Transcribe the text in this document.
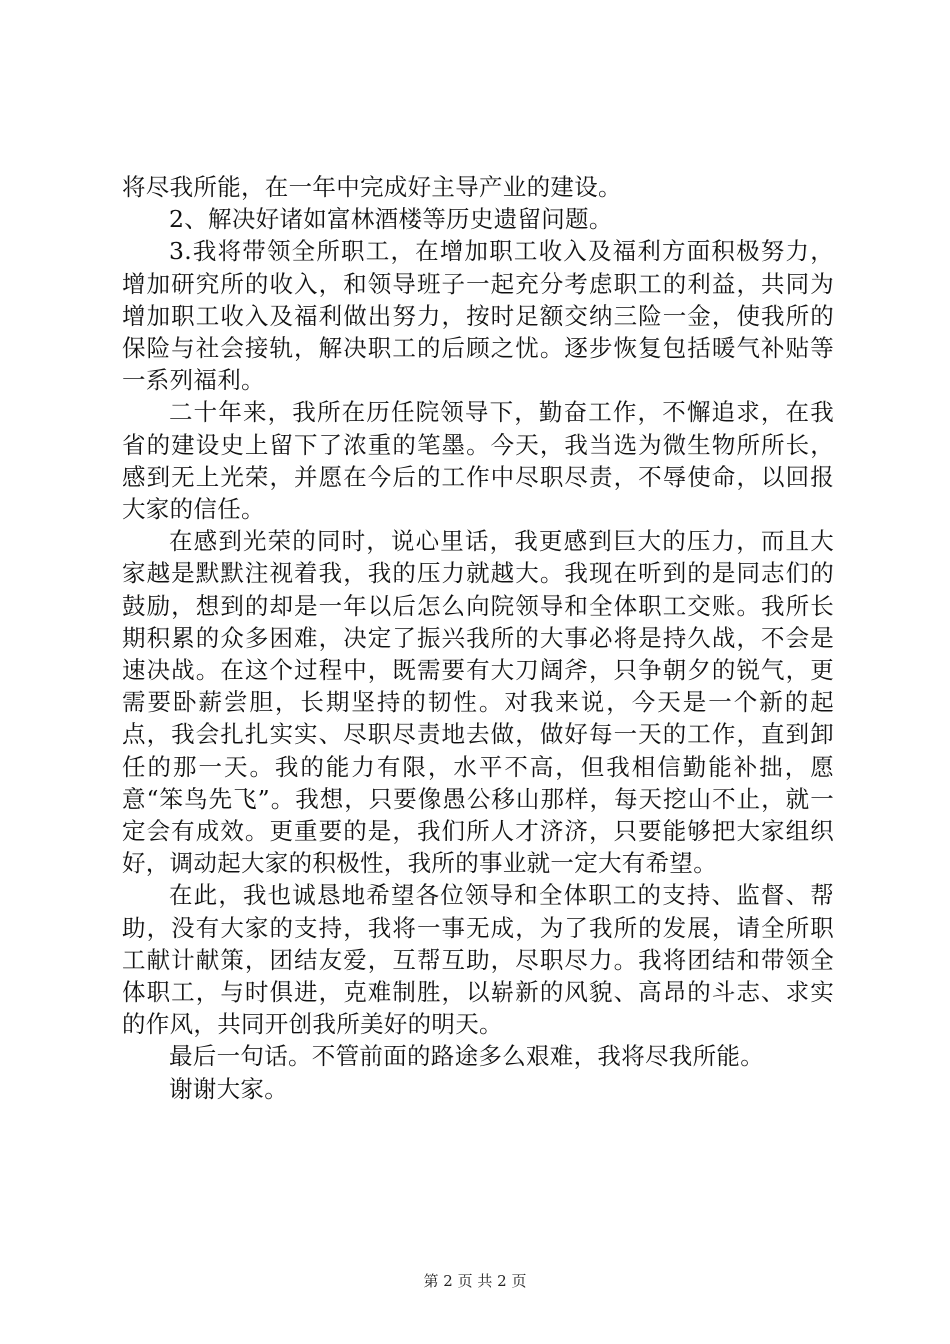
将尽我所能，在一年中完成好主导产业的建设。

2、解决好诸如富林酒楼等历史遗留问题。

3.我将带领全所职工，在增加职工收入及福利方面积极努力，增加研究所的收入，和领导班子一起充分考虑职工的利益，共同为增加职工收入及福利做出努力，按时足额交纳三险一金，使我所的保险与社会接轨，解决职工的后顾之忧。逐步恢复包括暖气补贴等一系列福利。

二十年来，我所在历任院领导下，勤奋工作，不懈追求，在我省的建设史上留下了浓重的笔墨。今天，我当选为微生物所所长，感到无上光荣，并愿在今后的工作中尽职尽责，不辱使命，以回报大家的信任。

在感到光荣的同时，说心里话，我更感到巨大的压力，而且大家越是默默注视着我，我的压力就越大。我现在听到的是同志们的鼓励，想到的却是一年以后怎么向院领导和全体职工交账。我所长期积累的众多困难，决定了振兴我所的大事必将是持久战，不会是速决战。在这个过程中，既需要有大刀阔斧，只争朝夕的锐气，更需要卧薪尝胆，长期坚持的韧性。对我来说，今天是一个新的起点，我会扎扎实实、尽职尽责地去做，做好每一天的工作，直到卸任的那一天。我的能力有限，水平不高，但我相信勤能补拙，愿意“笨鸟先飞”。我想，只要像愚公移山那样，每天挖山不止，就一定会有成效。更重要的是，我们所人才济济，只要能够把大家组织好，调动起大家的积极性，我所的事业就一定大有希望。

在此，我也诚恳地希望各位领导和全体职工的支持、监督、帮助，没有大家的支持，我将一事无成，为了我所的发展，请全所职工献计献策，团结友爱，互帮互助，尽职尽力。我将团结和带领全体职工，与时俱进，克难制胜，以崭新的风貌、高昂的斗志、求实的作风，共同开创我所美好的明天。

最后一句话。不管前面的路途多么艰难，我将尽我所能。

谢谢大家。

第 2 页 共 2 页
